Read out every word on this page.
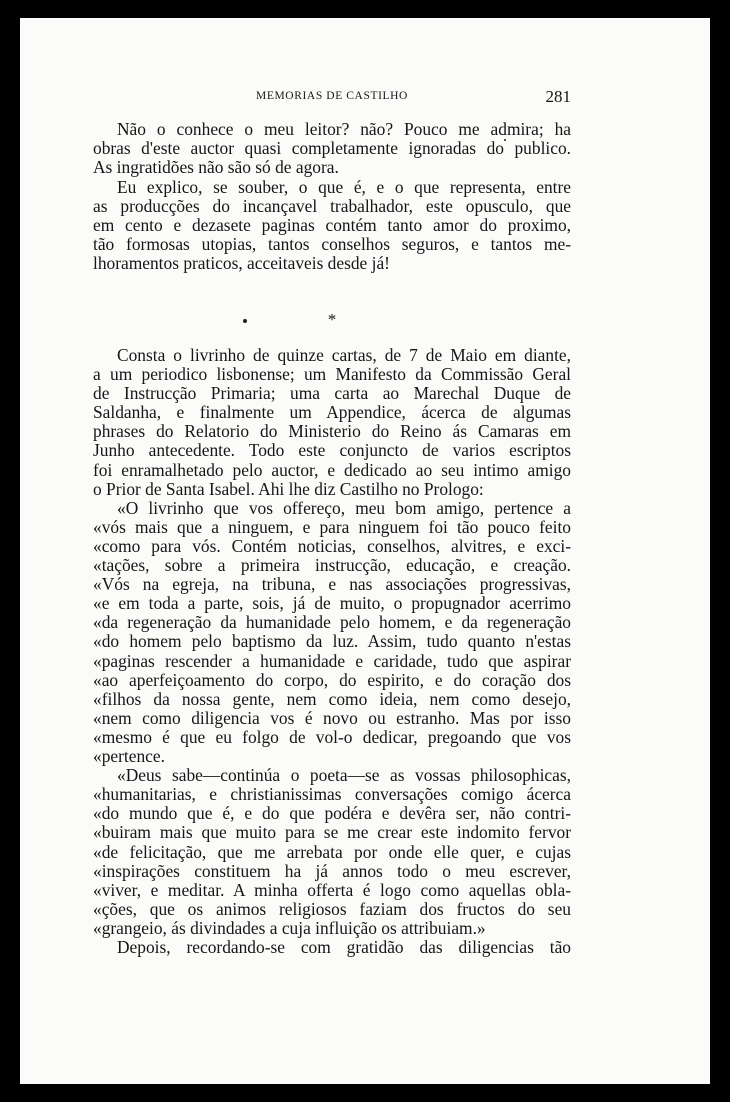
MEMORIAS DE CASTILHO	281
Não o conhece o meu leitor? não? Pouco me admira; ha
obras d'este auctor quasi completamente ignoradas do publico.
As ingratidões não são só de agora.
Eu explico, se souber, o que é, e o que representa, entre
as producções do incançavel trabalhador, este opusculo, que
em cento e dezasete paginas contém tanto amor do proximo,
tão formosas utopias, tantos conselhos seguros, e tantos me-
lhoramentos praticos, acceitaveis desde já!
*
Consta o livrinho de quinze cartas, de 7 de Maio em diante,
a um periodico lisbonense; um Manifesto da Commissão Geral
de Instrucção Primaria; uma carta ao Marechal Duque de
Saldanha, e finalmente um Appendice, ácerca de algumas
phrases do Relatorio do Ministerio do Reino ás Camaras em
Junho antecedente. Todo este conjuncto de varios escriptos
foi enramalhetado pelo auctor, e dedicado ao seu intimo amigo
o Prior de Santa Isabel. Ahi lhe diz Castilho no Prologo:
«O livrinho que vos offereço, meu bom amigo, pertence a
«vós mais que a ninguem, e para ninguem foi tão pouco feito
«como para vós. Contém noticias, conselhos, alvitres, e exci-
«tações, sobre a primeira instrucção, educação, e creação.
«Vós na egreja, na tribuna, e nas associações progressivas,
«e em toda a parte, sois, já de muito, o propugnador acerrimo
«da regeneração da humanidade pelo homem, e da regeneração
«do homem pelo baptismo da luz. Assim, tudo quanto n'estas
«paginas rescender a humanidade e caridade, tudo que aspirar
«ao aperfeiçoamento do corpo, do espirito, e do coração dos
«filhos da nossa gente, nem como ideia, nem como desejo,
«nem como diligencia vos é novo ou estranho. Mas por isso
«mesmo é que eu folgo de vol-o dedicar, pregoando que vos
«pertence.
«Deus sabe—continúa o poeta—se as vossas philosophicas,
«humanitarias, e christianissimas conversações comigo ácerca
«do mundo que é, e do que podéra e devêra ser, não contri-
«buiram mais que muito para se me crear este indomito fervor
«de felicitação, que me arrebata por onde elle quer, e cujas
«inspirações constituem ha já annos todo o meu escrever,
«viver, e meditar. A minha offerta é logo como aquellas obla-
«ções, que os animos religiosos faziam dos fructos do seu
«grangeio, ás divindades a cuja influição os attribuiam.»
Depois, recordando-se com gratidão das diligencias tão
